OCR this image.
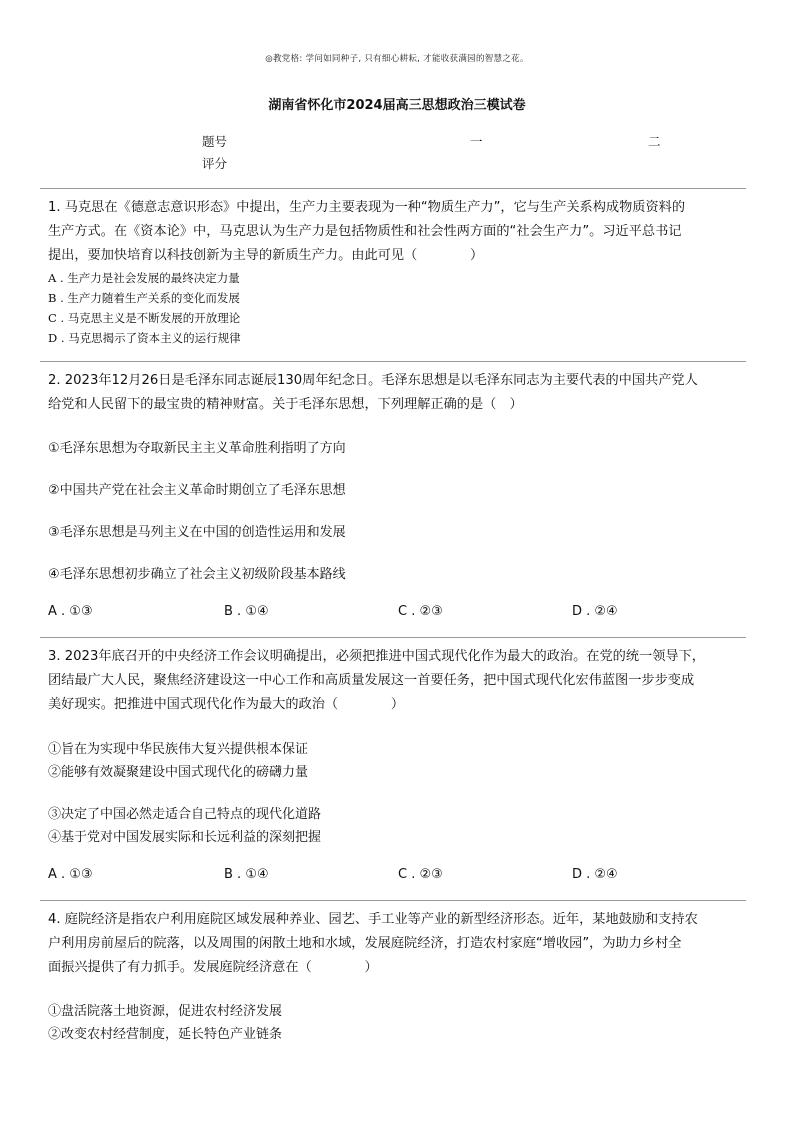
◎教党格: 学问如同种子, 只有细心耕耘, 才能收获满园的智慧之花。
湖南省怀化市2024届高三思想政治三模试卷
题号	一	二
评分
1. 马克思在《德意志意识形态》中提出，生产力主要表现为一种“物质生产力”，它与生产关系构成物质资料的
生产方式。在《资本论》中，马克思认为生产力是包括物质性和社会性两方面的“社会生产力”。习近平总书记
提出，要加快培育以科技创新为主导的新质生产力。由此可见（　　　　）
A . 生产力是社会发展的最终决定力量
B . 生产力随着生产关系的变化而发展
C . 马克思主义是不断发展的开放理论
D . 马克思揭示了资本主义的运行规律
2. 2023年12月26日是毛泽东同志诞辰130周年纪念日。毛泽东思想是以毛泽东同志为主要代表的中国共产党人
给党和人民留下的最宝贵的精神财富。关于毛泽东思想，下列理解正确的是（　）
①毛泽东思想为夺取新民主主义革命胜利指明了方向
②中国共产党在社会主义革命时期创立了毛泽东思想
③毛泽东思想是马列主义在中国的创造性运用和发展
④毛泽东思想初步确立了社会主义初级阶段基本路线
A . ①③	B . ①④	C . ②③	D . ②④
3. 2023年底召开的中央经济工作会议明确提出，必须把推进中国式现代化作为最大的政治。在党的统一领导下，
团结最广大人民，聚焦经济建设这一中心工作和高质量发展这一首要任务，把中国式现代化宏伟蓝图一步步变成
美好现实。把推进中国式现代化作为最大的政治（　　　　）
①旨在为实现中华民族伟大复兴提供根本保证
②能够有效凝聚建设中国式现代化的磅礴力量
③决定了中国必然走适合自己特点的现代化道路
④基于党对中国发展实际和长远利益的深刻把握
A . ①③	B . ①④	C . ②③	D . ②④
4. 庭院经济是指农户利用庭院区域发展种养业、园艺、手工业等产业的新型经济形态。近年，某地鼓励和支持农
户利用房前屋后的院落，以及周围的闲散土地和水域，发展庭院经济，打造农村家庭“增收园”，为助力乡村全
面振兴提供了有力抓手。发展庭院经济意在（　　　　）
①盘活院落土地资源，促进农村经济发展
②改变农村经营制度，延长特色产业链条
